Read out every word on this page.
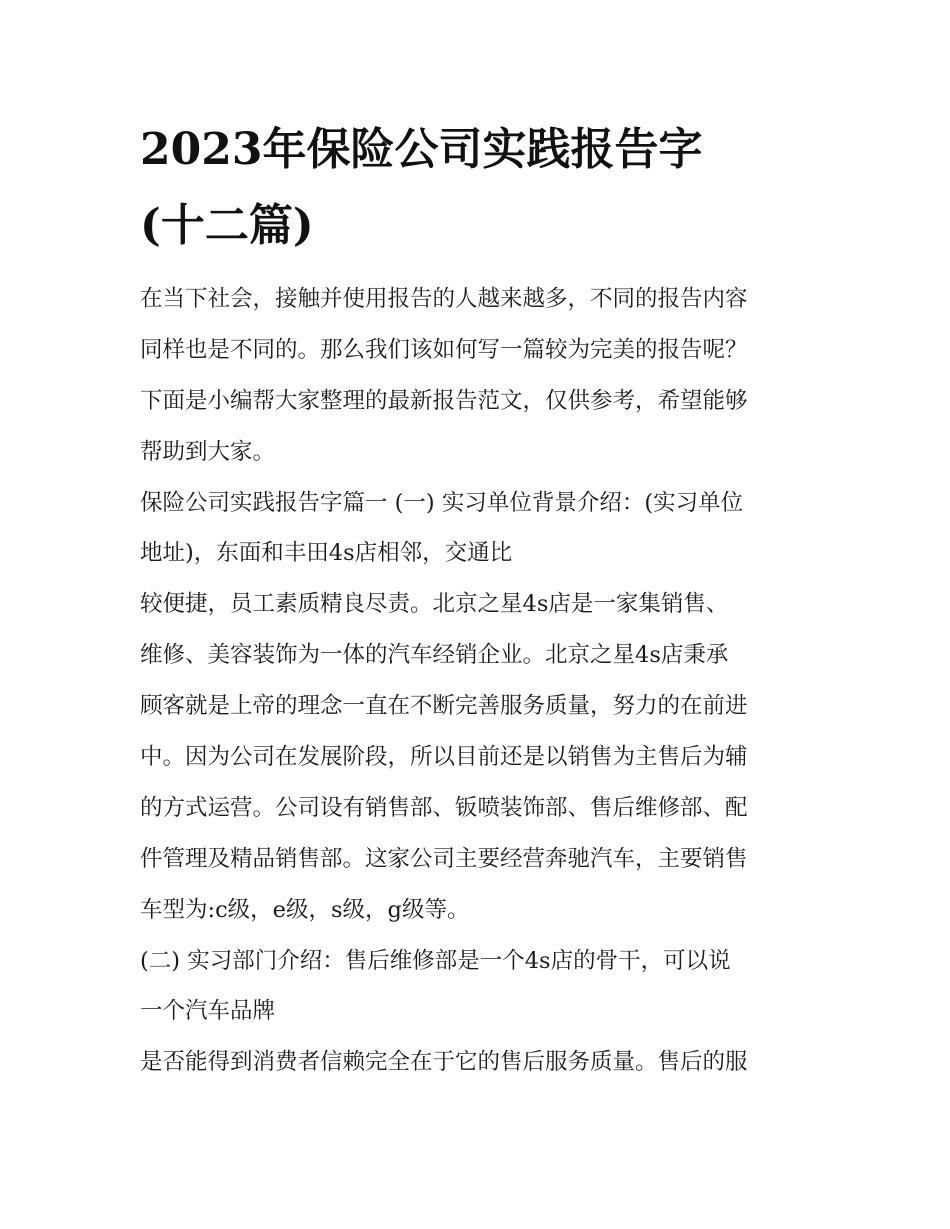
2023年保险公司实践报告字
(十二篇)
在当下社会，接触并使用报告的人越来越多，不同的报告内容
同样也是不同的。那么我们该如何写一篇较为完美的报告呢？
下面是小编帮大家整理的最新报告范文，仅供参考，希望能够
帮助到大家。
保险公司实践报告字篇一 (一) 实习单位背景介绍：(实习单位
地址)，东面和丰田4s店相邻，交通比
较便捷，员工素质精良尽责。北京之星4s店是一家集销售、
维修、美容装饰为一体的汽车经销企业。北京之星4s店秉承
顾客就是上帝的理念一直在不断完善服务质量，努力的在前进
中。因为公司在发展阶段，所以目前还是以销售为主售后为辅
的方式运营。公司设有销售部、钣喷装饰部、售后维修部、配
件管理及精品销售部。这家公司主要经营奔驰汽车，主要销售
车型为:c级，e级，s级，g级等。
(二) 实习部门介绍：售后维修部是一个4s店的骨干，可以说
一个汽车品牌
是否能得到消费者信赖完全在于它的售后服务质量。售后的服
